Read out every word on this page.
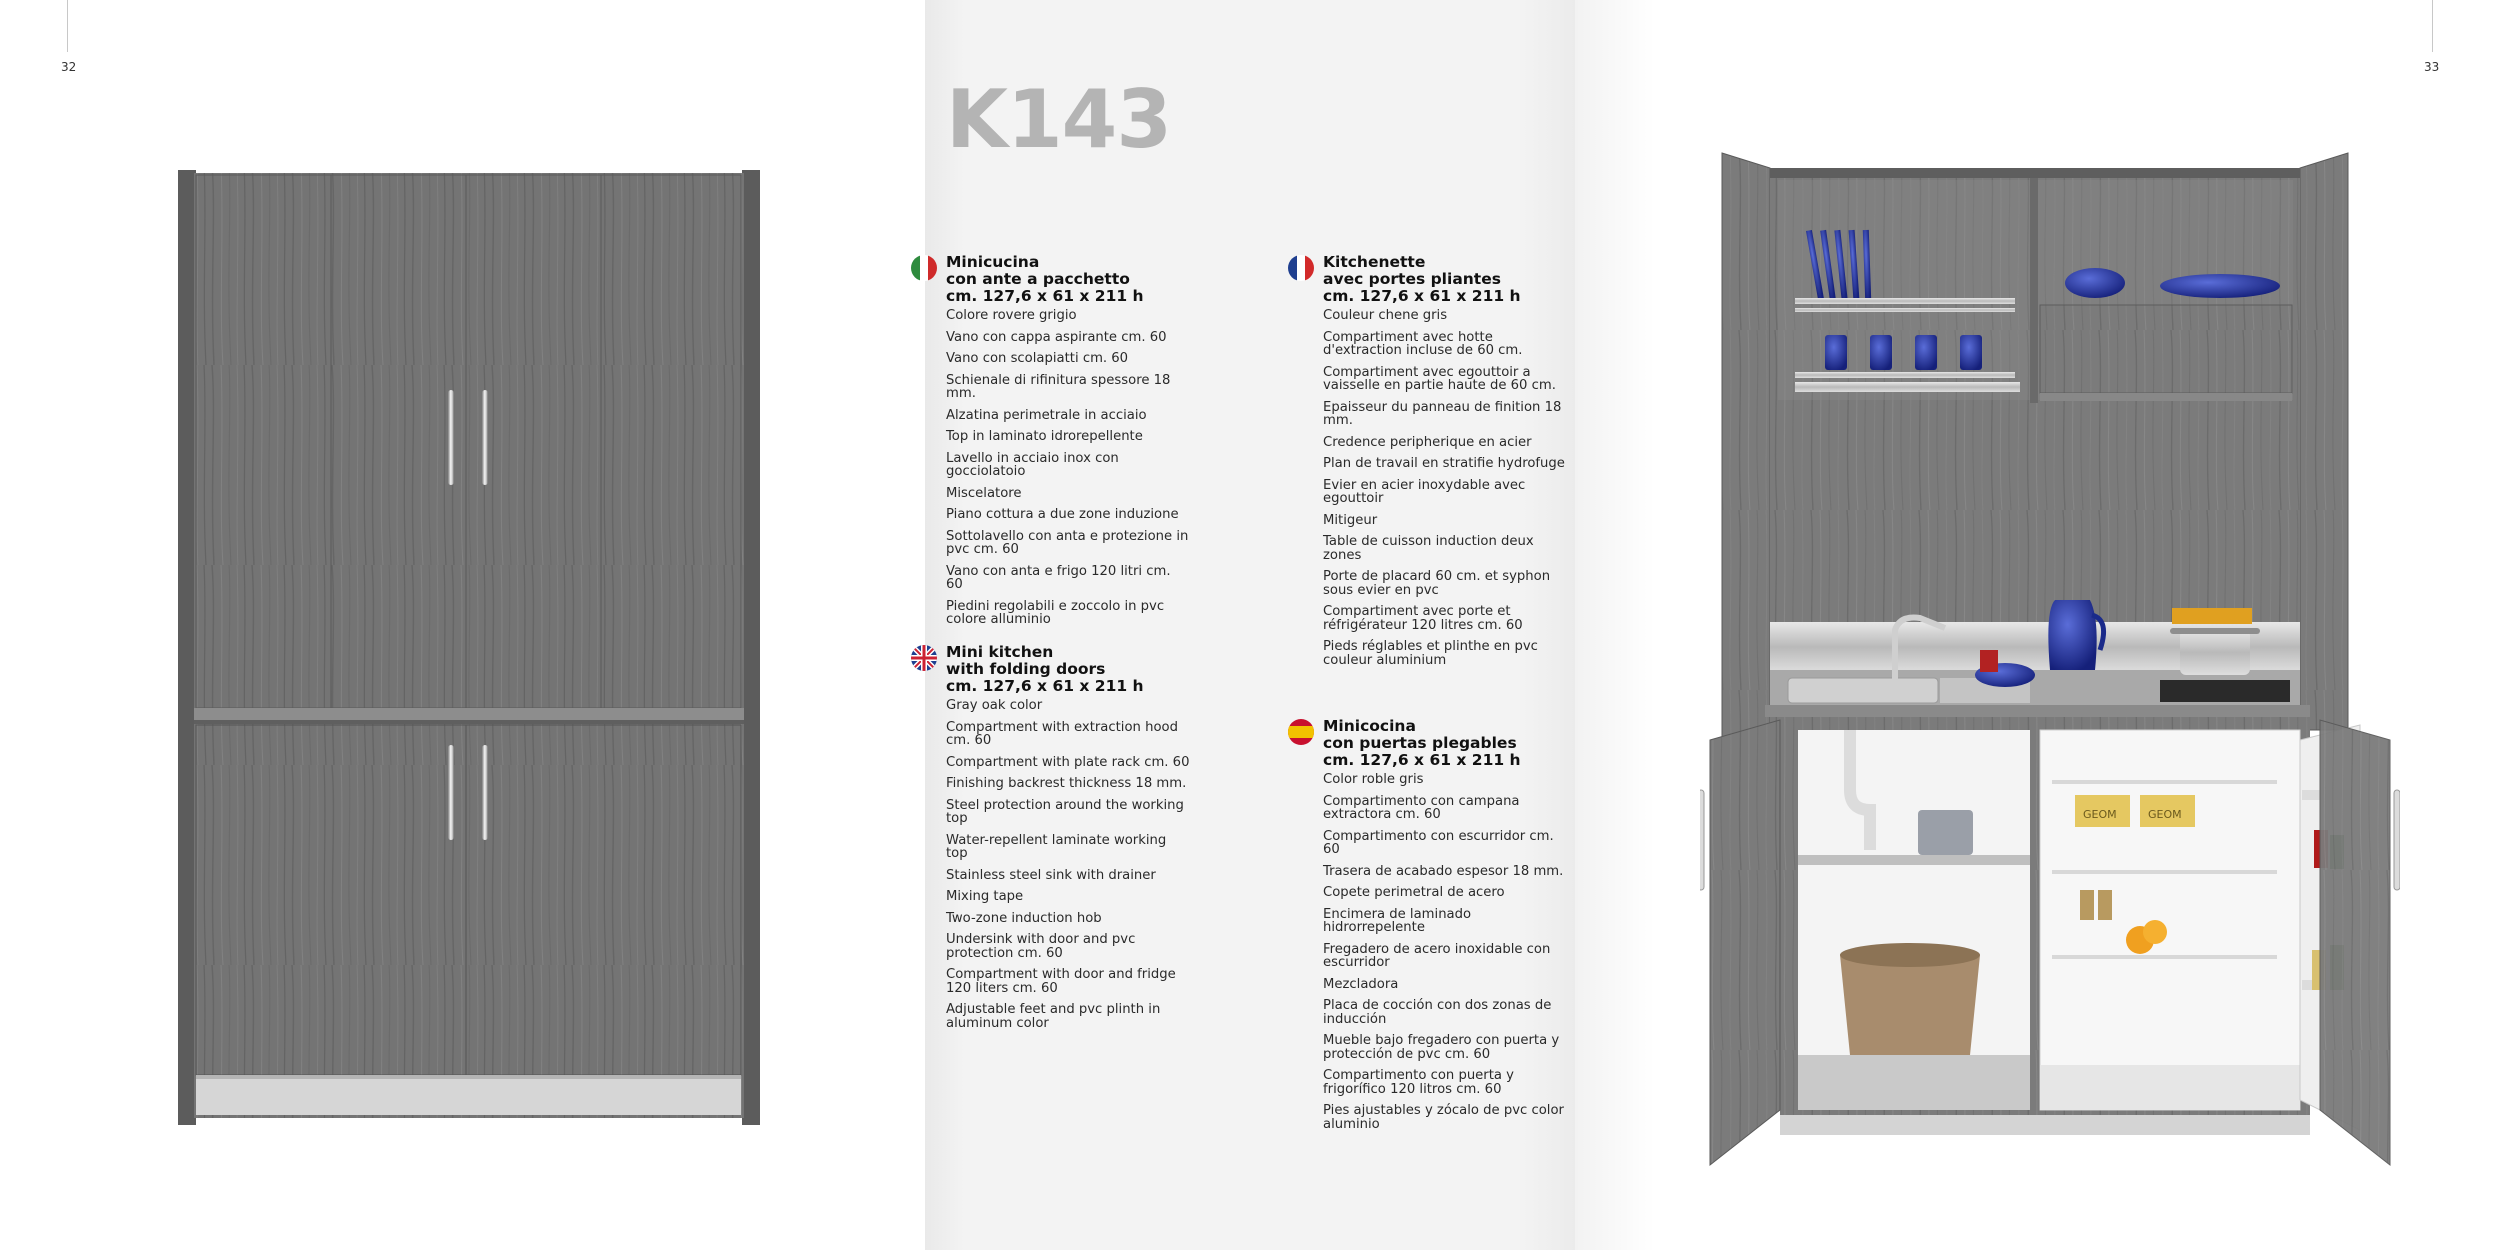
32	33
K143
Minicucina
con ante a pacchetto
cm. 127,6 x 61 x 211 h
Colore rovere grigio
Vano con cappa aspirante cm. 60
Vano con scolapiatti cm. 60
Schienale di rifinitura spessore 18 mm.
Alzatina perimetrale in acciaio
Top in laminato idrorepellente
Lavello in acciaio inox con gocciolatoio
Miscelatore
Piano cottura a due zone induzione
Sottolavello con anta e protezione in pvc cm. 60
Vano con anta e frigo 120 litri cm. 60
Piedini regolabili e zoccolo in pvc colore alluminio
Mini kitchen
with folding doors
cm. 127,6 x 61 x 211 h
Gray oak color
Compartment with extraction hood cm. 60
Compartment with plate rack cm. 60
Finishing backrest thickness 18 mm.
Steel protection around the working top
Water-repellent laminate working top
Stainless steel sink with drainer
Mixing tape
Two-zone induction hob
Undersink with door and pvc protection cm. 60
Compartment with door and fridge 120 liters cm. 60
Adjustable feet and pvc plinth in aluminum color
Kitchenette
avec portes pliantes
cm. 127,6 x 61 x 211 h
Couleur chene gris
Compartiment avec hotte d'extraction incluse de 60 cm.
Compartiment avec egouttoir a vaisselle en partie haute de 60 cm.
Epaisseur du panneau de finition 18 mm.
Credence peripherique en acier
Plan de travail en stratifie hydrofuge
Evier en acier inoxydable avec egouttoir
Mitigeur
Table de cuisson induction deux zones
Porte de placard 60 cm. et syphon sous evier en pvc
Compartiment avec porte et réfrigérateur 120 litres cm. 60
Pieds réglables et plinthe en pvc couleur aluminium
Minicocina
con puertas plegables
cm. 127,6 x 61 x 211 h
Color roble gris
Compartimento con campana extractora cm. 60
Compartimento con escurridor cm. 60
Trasera de acabado espesor 18 mm.
Copete perimetral de acero
Encimera de laminado hidrorrepelente
Fregadero de acero inoxidable con escurridor
Mezcladora
Placa de cocción con dos zonas de inducción
Mueble bajo fregadero con puerta y protección de pvc cm. 60
Compartimento con puerta y frigorífico 120 litros cm. 60
Pies ajustables y zócalo de pvc color aluminio
GEOM	GEOM
